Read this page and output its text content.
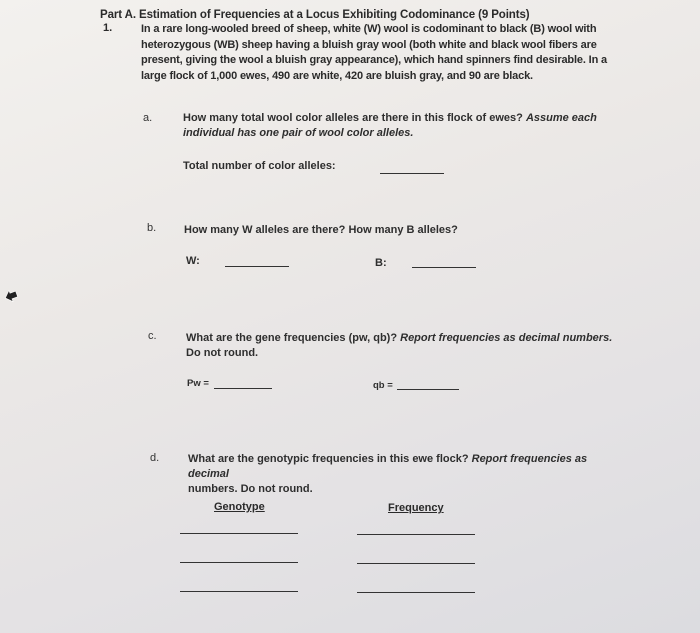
Part A. Estimation of Frequencies at a Locus Exhibiting Codominance (9 Points)
1.	In a rare long-wooled breed of sheep, white (W) wool is codominant to black (B) wool with heterozygous (WB) sheep having a bluish gray wool (both white and black wool fibers are present, giving the wool a bluish gray appearance), which hand spinners find desirable. In a large flock of 1,000 ewes, 490 are white, 420 are bluish gray, and 90 are black.
a.	How many total wool color alleles are there in this flock of ewes? Assume each individual has one pair of wool color alleles.
Total number of color alleles:
b.	How many W alleles are there? How many B alleles?
W:	B:
c.	What are the gene frequencies (pw, qb)? Report frequencies as decimal numbers.
Do not round.
Pw =	qb =
d.	What are the genotypic frequencies in this ewe flock? Report frequencies as decimal
numbers. Do not round.
Genotype	Frequency
